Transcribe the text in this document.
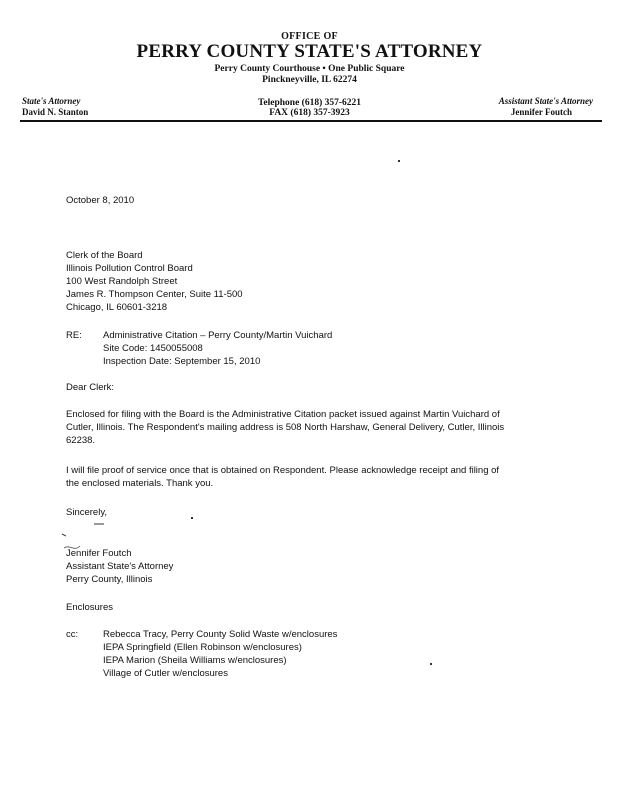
OFFICE OF
PERRY COUNTY STATE'S ATTORNEY
Perry County Courthouse • One Public Square
Pinckneyville, IL 62274
State's Attorney
David N. Stanton
Telephone (618) 357-6221
FAX (618) 357-3923
Assistant State's Attorney
Jennifer Foutch
October 8, 2010
Clerk of the Board
Illinois Pollution Control Board
100 West Randolph Street
James R. Thompson Center, Suite 11-500
Chicago, IL 60601-3218
RE: Administrative Citation – Perry County/Martin Vuichard
Site Code: 1450055008
Inspection Date: September 15, 2010
Dear Clerk:
Enclosed for filing with the Board is the Administrative Citation packet issued against Martin Vuichard of
Cutler, Illinois. The Respondent's mailing address is 508 North Harshaw, General Delivery, Cutler, Illinois
62238.
I will file proof of service once that is obtained on Respondent. Please acknowledge receipt and filing of
the enclosed materials. Thank you.
Sincerely,
Jennifer Foutch
Assistant State's Attorney
Perry County, Illinois
Enclosures
cc:	Rebecca Tracy, Perry County Solid Waste w/enclosures
IEPA Springfield (Ellen Robinson w/enclosures)
IEPA Marion (Sheila Williams w/enclosures)
Village of Cutler w/enclosures
